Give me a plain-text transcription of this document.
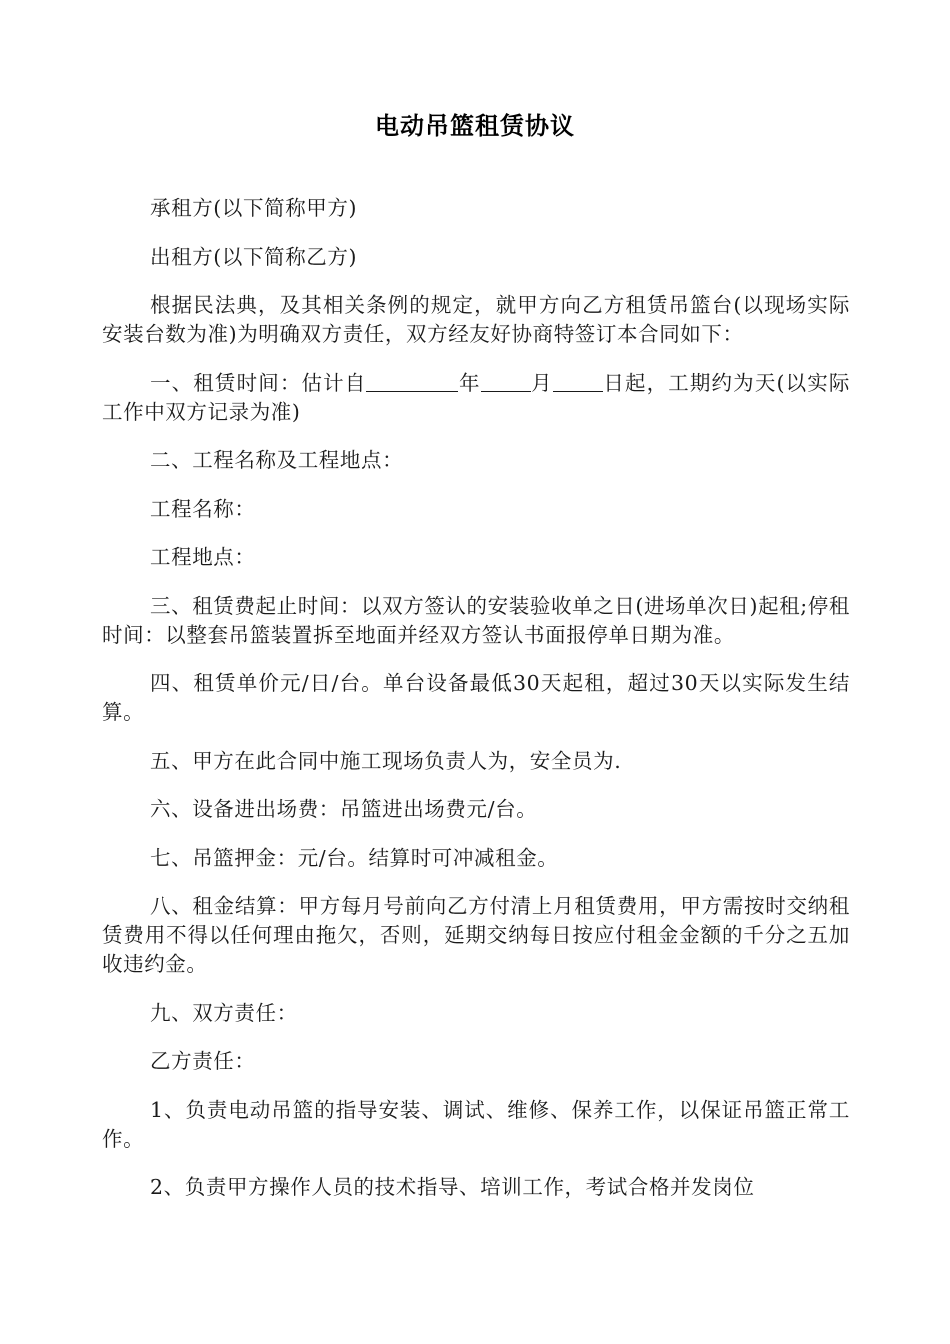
电动吊篮租赁协议

承租方(以下简称甲方)

出租方(以下简称乙方)

根据民法典，及其相关条例的规定，就甲方向乙方租赁吊篮台(以现场实际安装台数为准)为明确双方责任，双方经友好协商特签订本合同如下：

一、租赁时间：估计自	年 月 日起，工期约为天(以实际工作中双方记录为准)

二、工程名称及工程地点：

工程名称：

工程地点：

三、租赁费起止时间：以双方签认的安装验收单之日(进场单次日)起租;停租时间：以整套吊篮装置拆至地面并经双方签认书面报停单日期为准。

四、租赁单价元/日/台。单台设备最低30天起租，超过30天以实际发生结算。

五、甲方在此合同中施工现场负责人为，安全员为.

六、设备进出场费：吊篮进出场费元/台。

七、吊篮押金：元/台。结算时可冲减租金。

八、租金结算：甲方每月号前向乙方付清上月租赁费用，甲方需按时交纳租赁费用不得以任何理由拖欠，否则，延期交纳每日按应付租金金额的千分之五加收违约金。

九、双方责任：

乙方责任：

1、负责电动吊篮的指导安装、调试、维修、保养工作，以保证吊篮正常工作。

2、负责甲方操作人员的技术指导、培训工作，考试合格并发岗位
